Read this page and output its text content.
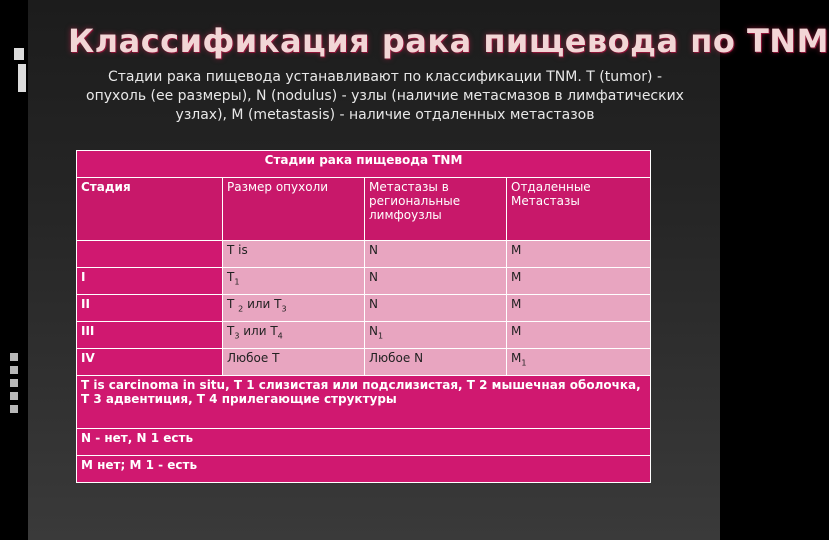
Классификация рака пищевода по TNM
Стадии рака пищевода устанавливают по классификации TNM. T (tumor) -
опухоль (ее размеры), N (nodulus) - узлы (наличие метасмазов в лимфатических
узлах), M (metastasis) - наличие отдаленных метастазов
Стадии рака пищевода TNM			
Стадия	Размер опухоли	Метастазы в региональные лимфоузлы	Отдаленные Метастазы
	T is	N	M
I	$T_1$	N	M
II	T $_2$ или $T_3$	N	M
III	$T_3$ или $T_4$	$N_1$	M
IV	Любое Т	Любое N	$M_1$
T is carcinoma in situ, T 1 слизистая или подслизистая, T 2 мышечная оболочка, T 3 адвентиция, T 4 прилегающие структуры			
N - нет, N 1 есть			
M нет; M 1 - есть			
